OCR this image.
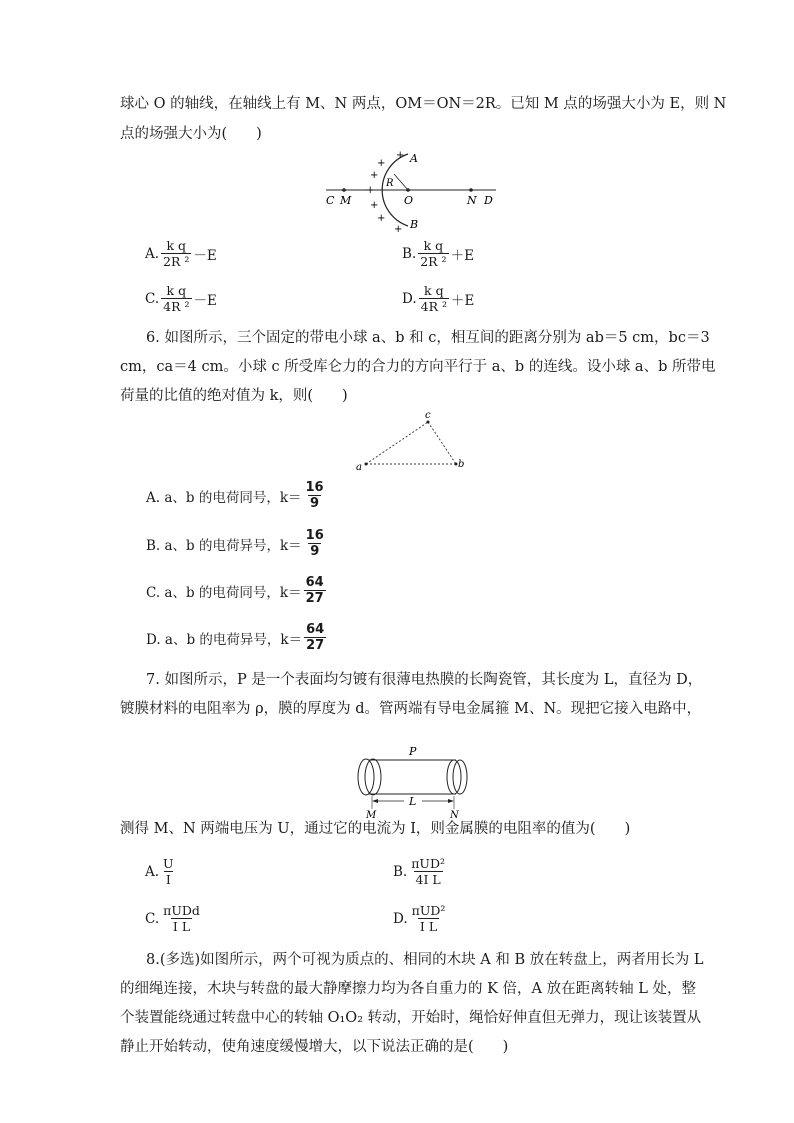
球心 O 的轴线，在轴线上有 M、N 两点，OM＝ON＝2R。已知 M 点的场强大小为 E，则 N
点的场强大小为(　　)
C M	O	N D
A
B
R
+
+
+
+
+
+
+
A. $\frac{\text{k q}}{\text{2R ²}} -E$	B. $\frac{\text{k q}}{\text{2R ²}} +E$
C. $\frac{\text{k q}}{\text{4R ²}} -E$	D. $\frac{\text{k q}}{\text{4R ²}} +E$
6. 如图所示，三个固定的带电小球 a、b 和 c，相互间的距离分别为 ab＝5 cm，bc＝3
cm，ca＝4 cm。小球 c 所受库仑力的合力的方向平行于 a、b 的连线。设小球 a、b 所带电
荷量的比值的绝对值为 k，则(　　)
a	b
c
A. a、b 的电荷同号，$k= \frac{16}{9}$
B. a、b 的电荷异号，$k= \frac{16}{9}$
C. a、b 的电荷同号，$k= \frac{64}{27}$
D. a、b 的电荷异号，$k= \frac{64}{27}$
7. 如图所示，P 是一个表面均匀镀有很薄电热膜的长陶瓷管，其长度为 L，直径为 D，
镀膜材料的电阻率为 ρ，膜的厚度为 d。管两端有导电金属箍 M、N。现把它接入电路中，
P
L
M	N
测得 M、N 两端电压为 U，通过它的电流为 I，则金属膜的电阻率的值为(　　)
A. $\frac{U}{I}$	B. $\frac{\text{πUD²}}{\text{4I L}}$
C. $\frac{\text{πUDd}}{\text{I L}}$	D. $\frac{\text{πUD²}}{\text{I L}}$
8.(多选)如图所示，两个可视为质点的、相同的木块 A 和 B 放在转盘上，两者用长为 L
的细绳连接，木块与转盘的最大静摩擦力均为各自重力的 K 倍，A 放在距离转轴 L 处，整
个装置能绕通过转盘中心的转轴 O₁O₂ 转动，开始时，绳恰好伸直但无弹力，现让该装置从
静止开始转动，使角速度缓慢增大，以下说法正确的是(　　)
